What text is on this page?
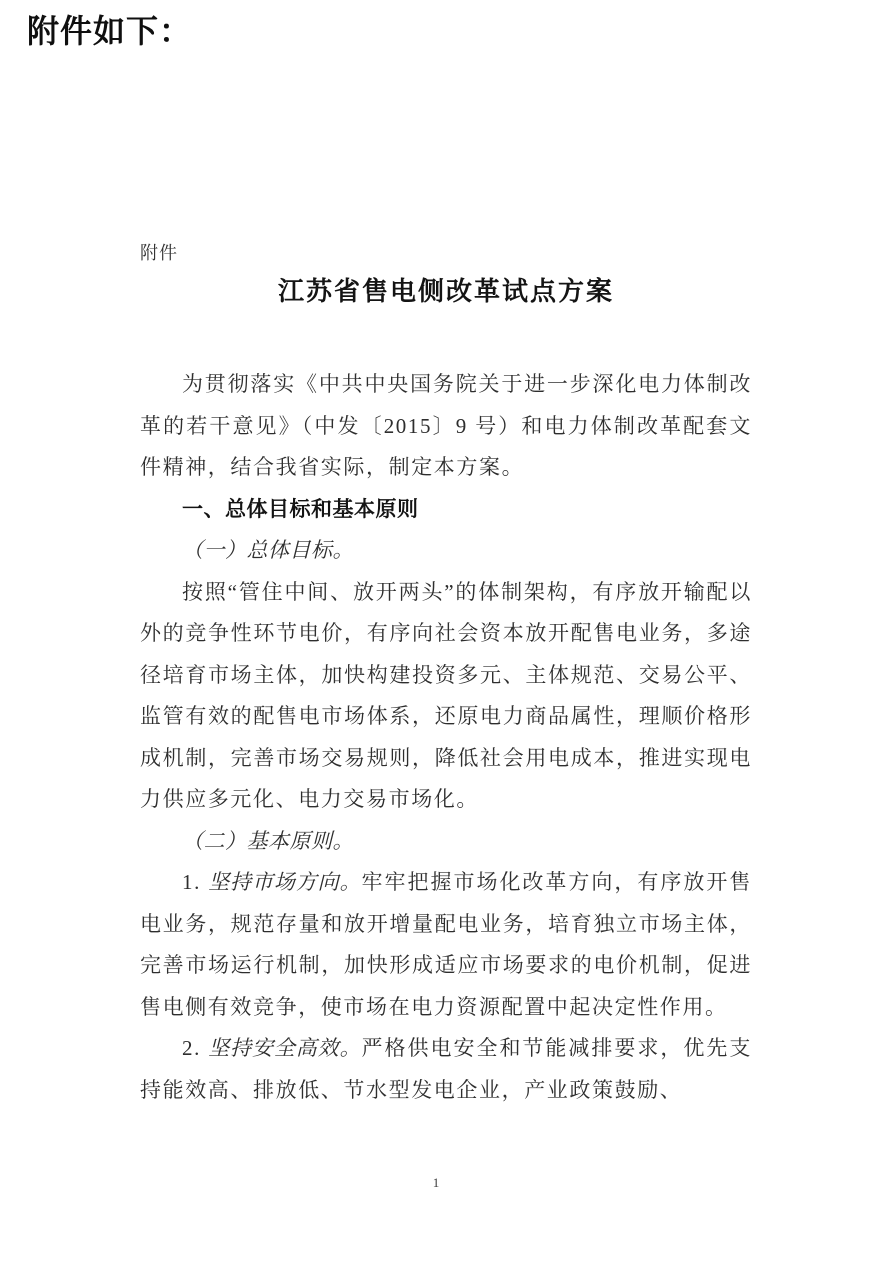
附件如下：
附件
江苏省售电侧改革试点方案

为贯彻落实《中共中央国务院关于进一步深化电力体制改革的若干意见》（中发〔2015〕9 号）和电力体制改革配套文件精神，结合我省实际，制定本方案。

一、总体目标和基本原则

（一）总体目标。

按照“管住中间、放开两头”的体制架构，有序放开输配以外的竞争性环节电价，有序向社会资本放开配售电业务，多途径培育市场主体，加快构建投资多元、主体规范、交易公平、监管有效的配售电市场体系，还原电力商品属性，理顺价格形成机制，完善市场交易规则，降低社会用电成本，推进实现电力供应多元化、电力交易市场化。

（二）基本原则。

1. 坚持市场方向。牢牢把握市场化改革方向，有序放开售电业务，规范存量和放开增量配电业务，培育独立市场主体，完善市场运行机制，加快形成适应市场要求的电价机制，促进售电侧有效竞争，使市场在电力资源配置中起决定性作用。

2. 坚持安全高效。严格供电安全和节能减排要求，优先支持能效高、排放低、节水型发电企业，产业政策鼓励、

1
